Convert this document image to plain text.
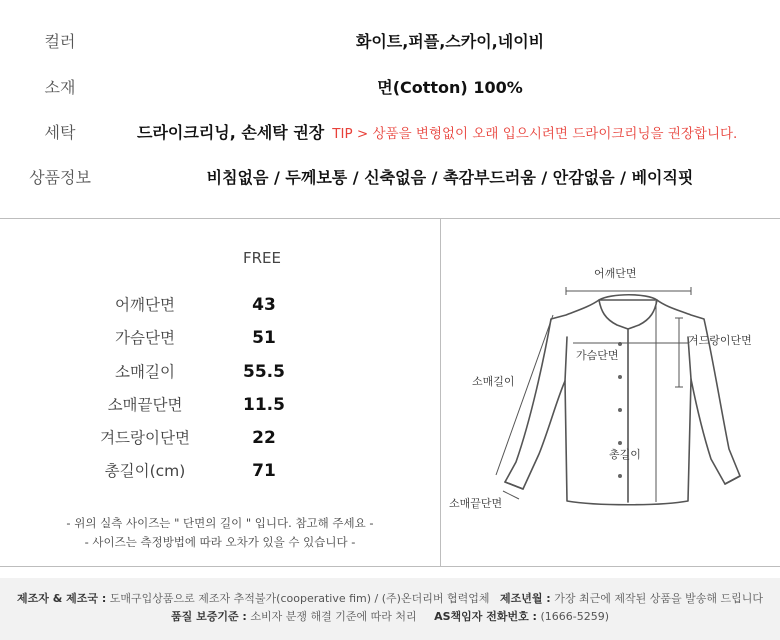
컬러	화이트,퍼플,스카이,네이비
소재	면(Cotton) 100%
세탁	드라이크리닝, 손세탁 권장 TIP > 상품을 변형없이 오래 입으시려면 드라이크리닝을 권장합니다.
상품정보	비침없음 / 두께보통 / 신축없음 / 촉감부드러움 / 안감없음 / 베이직핏
FREE
어깨단면	43
가슴단면	51
소매길이	55.5
소매끝단면	11.5
겨드랑이단면	22
총길이(cm)	71
- 위의 실측 사이즈는 " 단면의 길이 " 입니다. 참고해 주세요 -
- 사이즈는 측정방법에 따라 오차가 있을 수 있습니다 -
어깨단면
겨드랑이단면
가슴단면
소매길이
총길이
소매끝단면
제조자 & 제조국 : 도매구입상품으로 제조자 추적불가(cooperative fim) / (주)온더리버 협력업체 제조년월 : 가장 최근에 제작된 상품을 발송해 드립니다
품질 보증기준 : 소비자 분쟁 해결 기준에 따라 처리 AS책임자 전화번호 : (1666-5259)
